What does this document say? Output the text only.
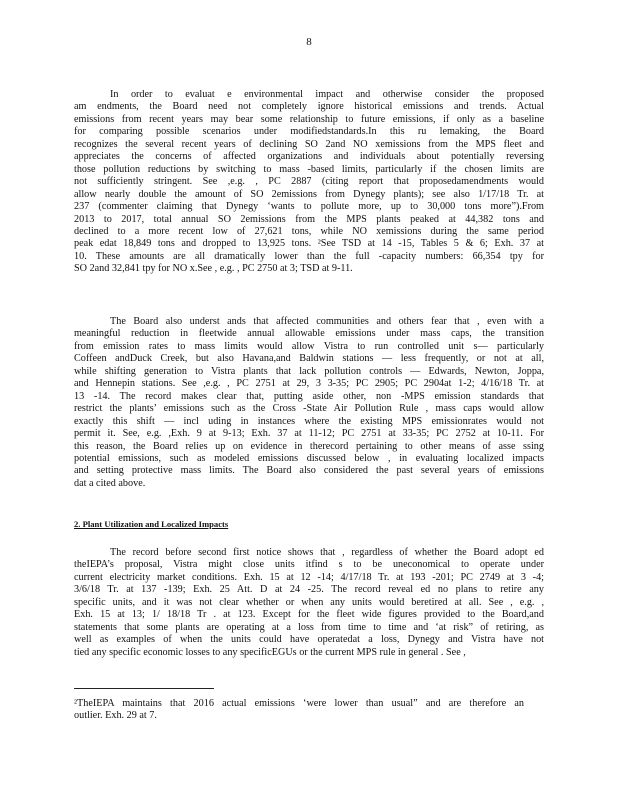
8
In order to evaluat e environmental impact and otherwise consider the proposed
am endments, the Board need not completely ignore historical emissions and trends. Actual
emissions from recent years may bear some relationship to future emissions, if only as a baseline
for comparing possible scenarios under modifiedstandards.In this ru lemaking, the Board
recognizes the several recent years of declining SO 2and NO xemissions from the MPS fleet and
appreciates the concerns of affected organizations and individuals about potentially reversing
those pollution reductions by switching to mass -based limits, particularly if the chosen limits are
not sufficiently stringent. See ,e.g. , PC 2887 (citing report that proposedamendments would
allow nearly double the amount of SO 2emissions from Dynegy plants); see also 1/17/18 Tr. at
237 (commenter claiming that Dynegy ‘wants to pollute more, up to 30,000 tons more”).From
2013 to 2017, total annual SO 2emissions from the MPS plants peaked at 44,382 tons and
declined to a more recent low of 27,621 tons, while NO xemissions during the same period
peak edat 18,849 tons and dropped to 13,925 tons. ²See TSD at 14 -15, Tables 5 & 6; Exh. 37 at
10. These amounts are all dramatically lower than the full -capacity numbers: 66,354 tpy for
SO 2and 32,841 tpy for NO x.See , e.g. , PC 2750 at 3; TSD at 9-11.
The Board also underst ands that affected communities and others fear that , even with a
meaningful reduction in fleetwide annual allowable emissions under mass caps, the transition
from emission rates to mass limits would allow Vistra to run controlled unit s— particularly
Coffeen andDuck Creek, but also Havana,and Baldwin stations — less frequently, or not at all,
while shifting generation to Vistra plants that lack pollution controls — Edwards, Newton, Joppa,
and Hennepin stations. See ,e.g. , PC 2751 at 29, 3 3-35; PC 2905; PC 2904at 1-2; 4/16/18 Tr. at
13 -14. The record makes clear that, putting aside other, non -MPS emission standards that
restrict the plants’ emissions such as the Cross -State Air Pollution Rule , mass caps would allow
exactly this shift — incl uding in instances where the existing MPS emissionrates would not
permit it. See, e.g. ,Exh. 9 at 9-13; Exh. 37 at 11-12; PC 2751 at 33-35; PC 2752 at 10-11. For
this reason, the Board relies up on evidence in therecord pertaining to other means of asse ssing
potential emissions, such as modeled emissions discussed below , in evaluating localized impacts
and setting protective mass limits. The Board also considered the past several years of emissions
dat a cited above.
2. Plant Utilization and Localized Impacts
The record before second first notice shows that , regardless of whether the Board adopt ed
theIEPA’s proposal, Vistra might close units itfind s to be uneconomical to operate under
current electricity market conditions. Exh. 15 at 12 -14; 4/17/18 Tr. at 193 -201; PC 2749 at 3 -4;
3/6/18 Tr. at 137 -139; Exh. 25 Att. D at 24 -25. The record reveal ed no plans to retire any
specific units, and it was not clear whether or when any units would beretired at all. See , e.g. ,
Exh. 15 at 13; 1/ 18/18 Tr . at 123. Except for the fleet wide figures provided to the Board,and
statements that some plants are operating at a loss from time to time and ‘at risk” of retiring, as
well as examples of when the units could have operatedat a loss, Dynegy and Vistra have not
tied any specific economic losses to any specificEGUs or the current MPS rule in general . See ,
²TheIEPA maintains that 2016 actual emissions ‘were lower than usual” and are therefore an
outlier. Exh. 29 at 7.
